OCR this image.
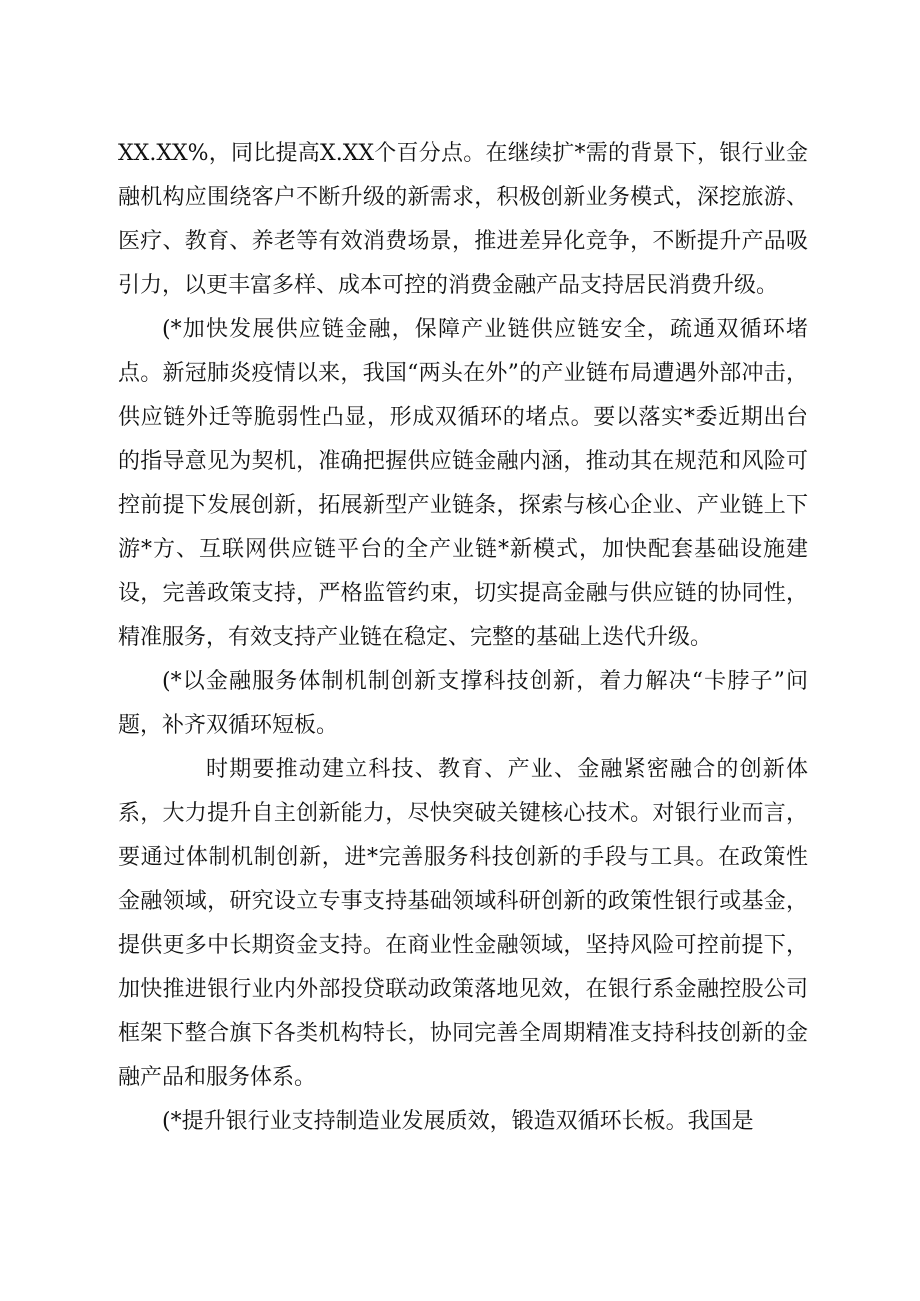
XX.XX%，同比提高X.XX个百分点。在继续扩*需的背景下，银行业金融机构应围绕客户不断升级的新需求，积极创新业务模式，深挖旅游、医疗、教育、养老等有效消费场景，推进差异化竞争，不断提升产品吸引力，以更丰富多样、成本可控的消费金融产品支持居民消费升级。

(*加快发展供应链金融，保障产业链供应链安全，疏通双循环堵点。新冠肺炎疫情以来，我国“两头在外”的产业链布局遭遇外部冲击，供应链外迁等脆弱性凸显，形成双循环的堵点。要以落实*委近期出台的指导意见为契机，准确把握供应链金融内涵，推动其在规范和风险可控前提下发展创新，拓展新型产业链条，探索与核心企业、产业链上下游*方、互联网供应链平台的全产业链*新模式，加快配套基础设施建设，完善政策支持，严格监管约束，切实提高金融与供应链的协同性，精准服务，有效支持产业链在稳定、完整的基础上迭代升级。

(*以金融服务体制机制创新支撑科技创新，着力解决“卡脖子”问题，补齐双循环短板。

时期要推动建立科技、教育、产业、金融紧密融合的创新体系，大力提升自主创新能力，尽快突破关键核心技术。对银行业而言，要通过体制机制创新，进*完善服务科技创新的手段与工具。在政策性金融领域，研究设立专事支持基础领域科研创新的政策性银行或基金，提供更多中长期资金支持。在商业性金融领域，坚持风险可控前提下，加快推进银行业内外部投贷联动政策落地见效，在银行系金融控股公司框架下整合旗下各类机构特长，协同完善全周期精准支持科技创新的金融产品和服务体系。

(*提升银行业支持制造业发展质效，锻造双循环长板。我国是
